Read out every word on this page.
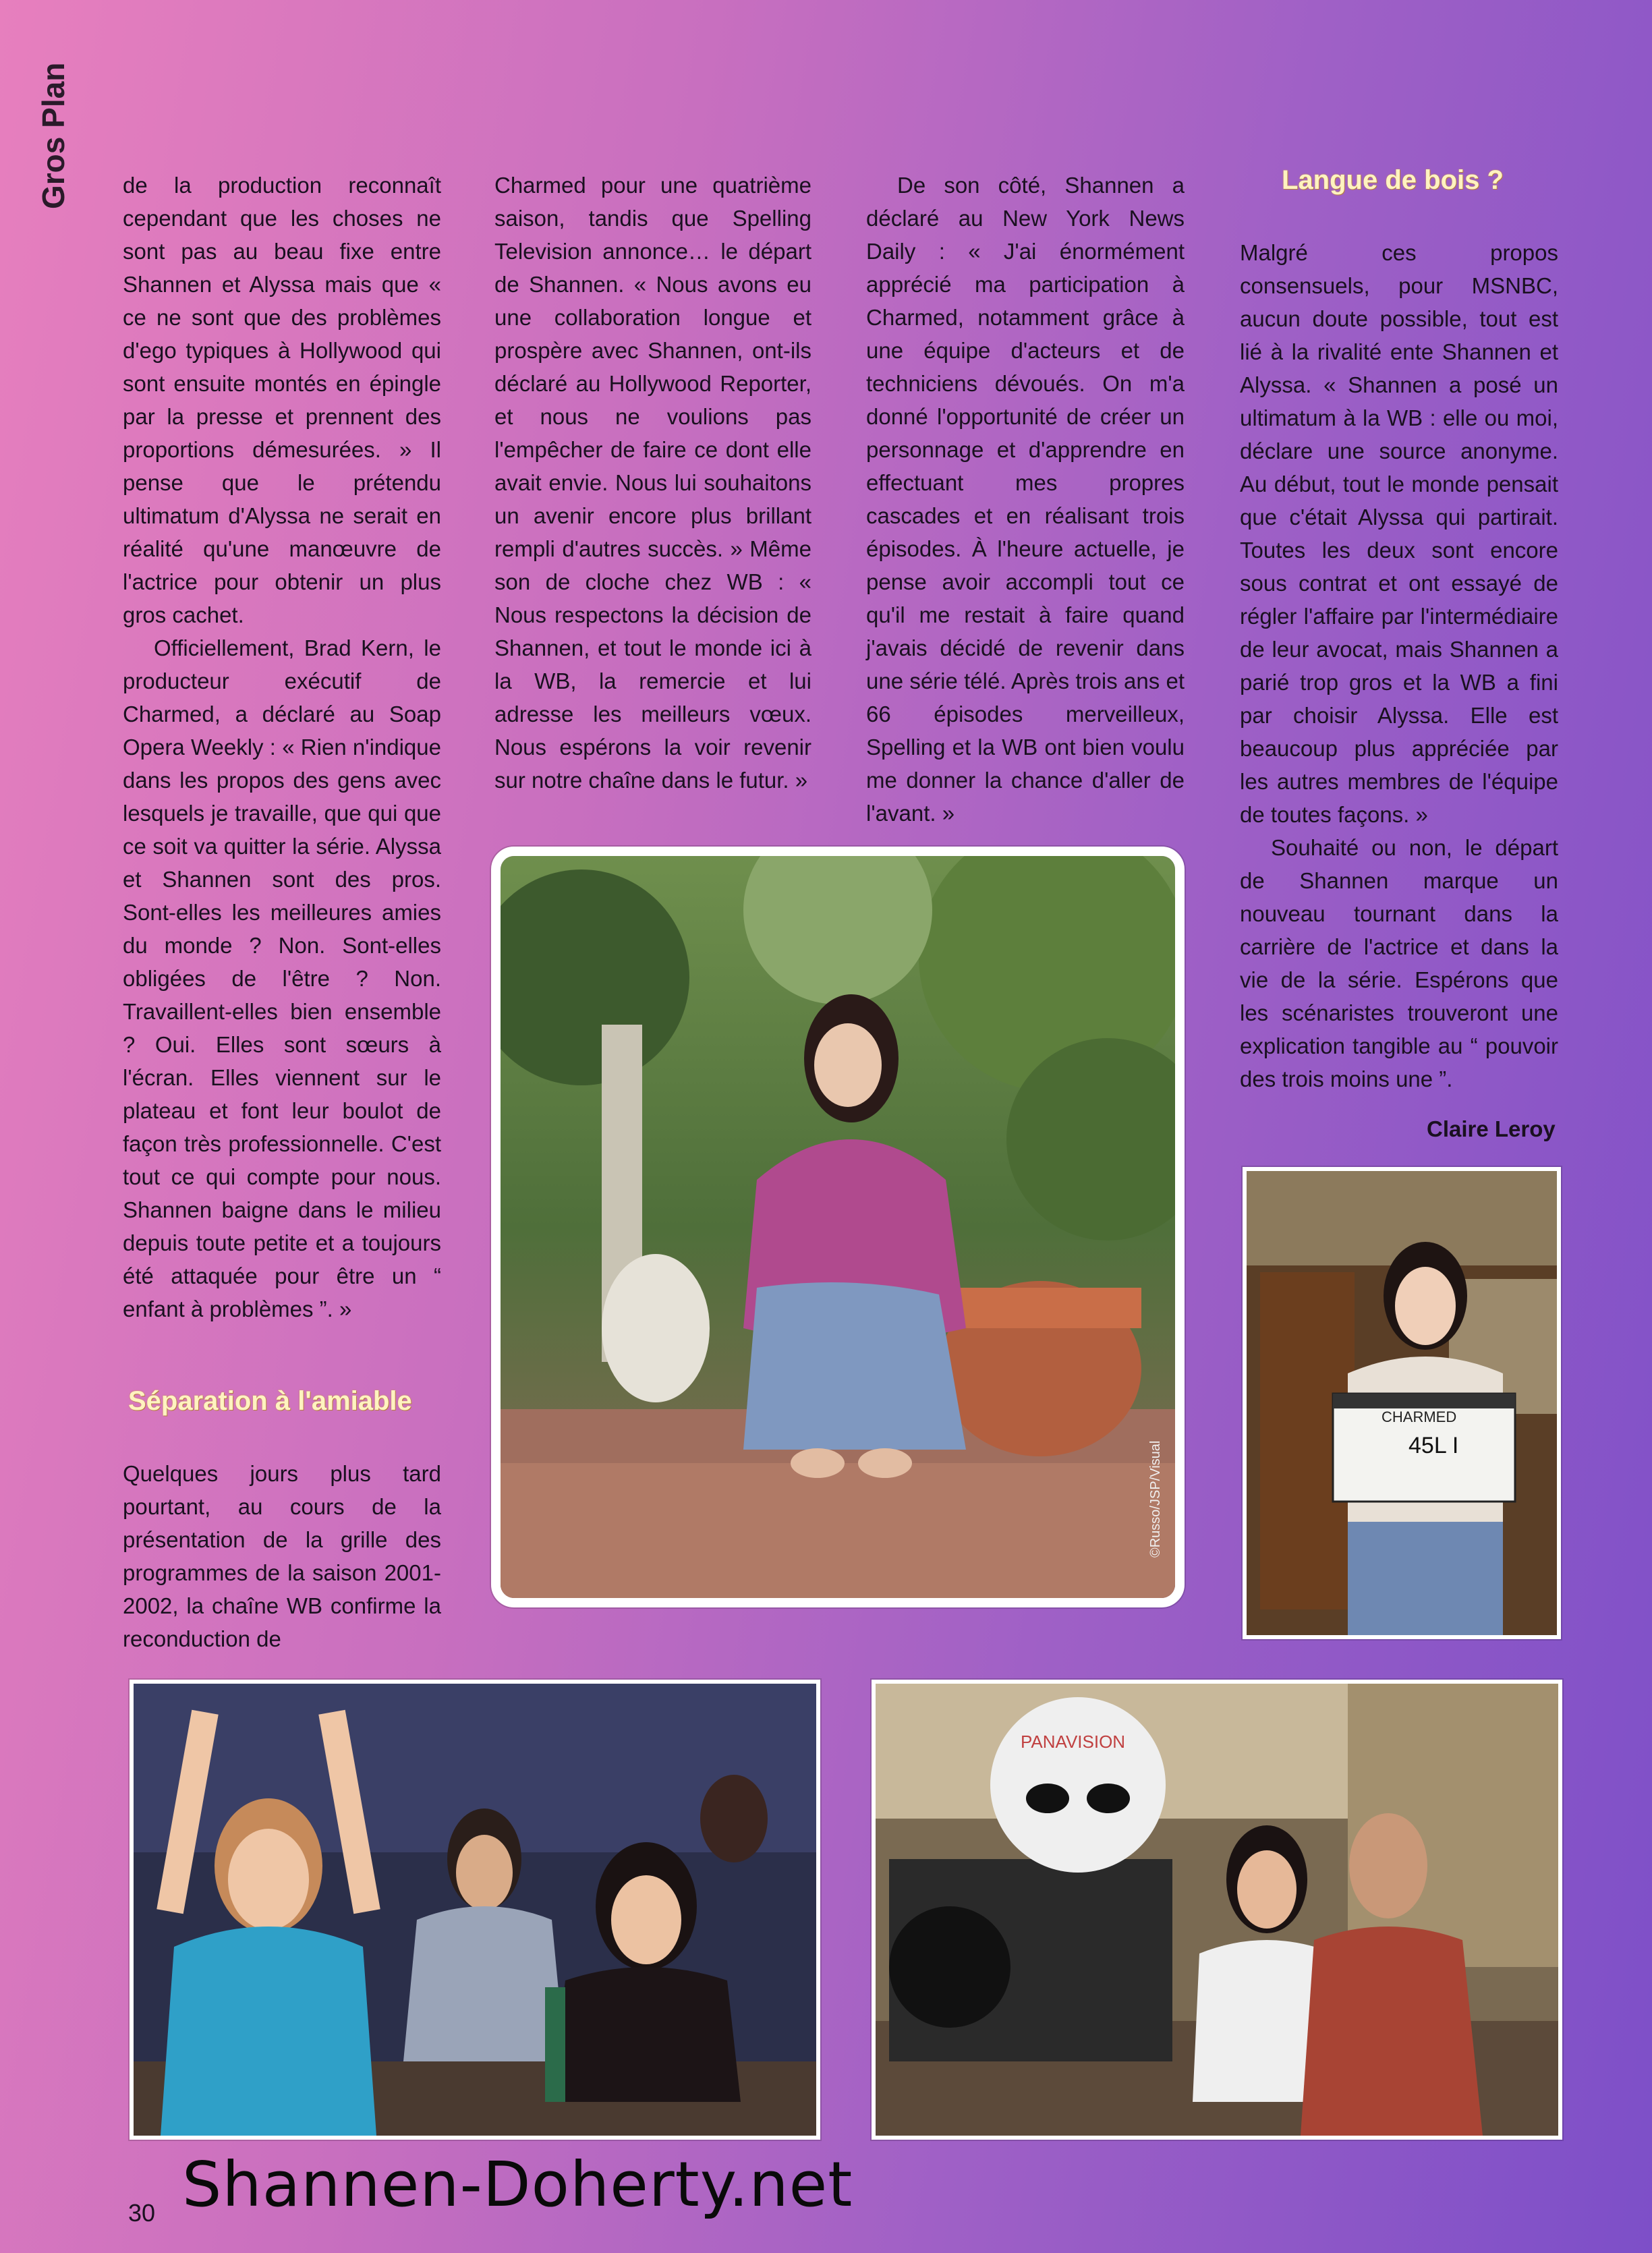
Gros Plan de la production reconnaît cependant que les choses ne sont pas au beau fixe entre Shannen et Alyssa mais que « ce ne sont que des problèmes d'ego typiques à Hollywood qui sont ensuite montés en épingle par la presse et prennent des proportions démesurées. » Il pense que le prétendu ultimatum d'Alyssa ne serait en réalité qu'une manœuvre de l'actrice pour obtenir un plus gros cachet.

Officiellement, Brad Kern, le producteur exécutif de Charmed, a déclaré au Soap Opera Weekly : « Rien n'indique dans les propos des gens avec lesquels je travaille, que qui que ce soit va quitter la série. Alyssa et Shannen sont des pros. Sont-elles les meilleures amies du monde ? Non. Sont-elles obligées de l'être ? Non. Travaillent-elles bien ensemble ? Oui. Elles sont sœurs à l'écran. Elles viennent sur le plateau et font leur boulot de façon très professionnelle. C'est tout ce qui compte pour nous. Shannen baigne dans le milieu depuis toute petite et a toujours été attaquée pour être un “ enfant à problèmes ”. »

Séparation à l'amiable

Quelques jours plus tard pourtant, au cours de la présentation de la grille des programmes de la saison 2001-2002, la chaîne WB confirme la reconduction de

Charmed pour une quatrième saison, tandis que Spelling Television annonce… le départ de Shannen. « Nous avons eu une collaboration longue et prospère avec Shannen, ont-ils déclaré au Hollywood Reporter, et nous ne voulions pas l'empêcher de faire ce dont elle avait envie. Nous lui souhaitons un avenir encore plus brillant rempli d'autres succès. » Même son de cloche chez WB : « Nous respectons la décision de Shannen, et tout le monde ici à la WB, la remercie et lui adresse les meilleurs vœux. Nous espérons la voir revenir sur notre chaîne dans le futur. »

De son côté, Shannen a déclaré au New York News Daily : « J'ai énormément apprécié ma participation à Charmed, notamment grâce à une équipe d'acteurs et de techniciens dévoués. On m'a donné l'opportunité de créer un personnage et d'apprendre en effectuant mes propres cascades et en réalisant trois épisodes. À l'heure actuelle, je pense avoir accompli tout ce qu'il me restait à faire quand j'avais décidé de revenir dans une série télé. Après trois ans et 66 épisodes merveilleux, Spelling et la WB ont bien voulu me donner la chance d'aller de l'avant. »

Langue de bois ?

Malgré ces propos consensuels, pour MSNBC, aucun doute possible, tout est lié à la rivalité ente Shannen et Alyssa. « Shannen a posé un ultimatum à la WB : elle ou moi, déclare une source anonyme. Au début, tout le monde pensait que c'était Alyssa qui partirait. Toutes les deux sont encore sous contrat et ont essayé de régler l'affaire par l'intermédiaire de leur avocat, mais Shannen a parié trop gros et la WB a fini par choisir Alyssa. Elle est beaucoup plus appréciée par les autres membres de l'équipe de toutes façons. »

Souhaité ou non, le départ de Shannen marque un nouveau tournant dans la carrière de l'actrice et dans la vie de la série. Espérons que les scénaristes trouveront une explication tangible au “ pouvoir des trois moins une ”.

Claire Leroy
©Russo/JSP/Visual
CHARMED
45L I
PANAVISION
Shannen-Doherty.net
30
